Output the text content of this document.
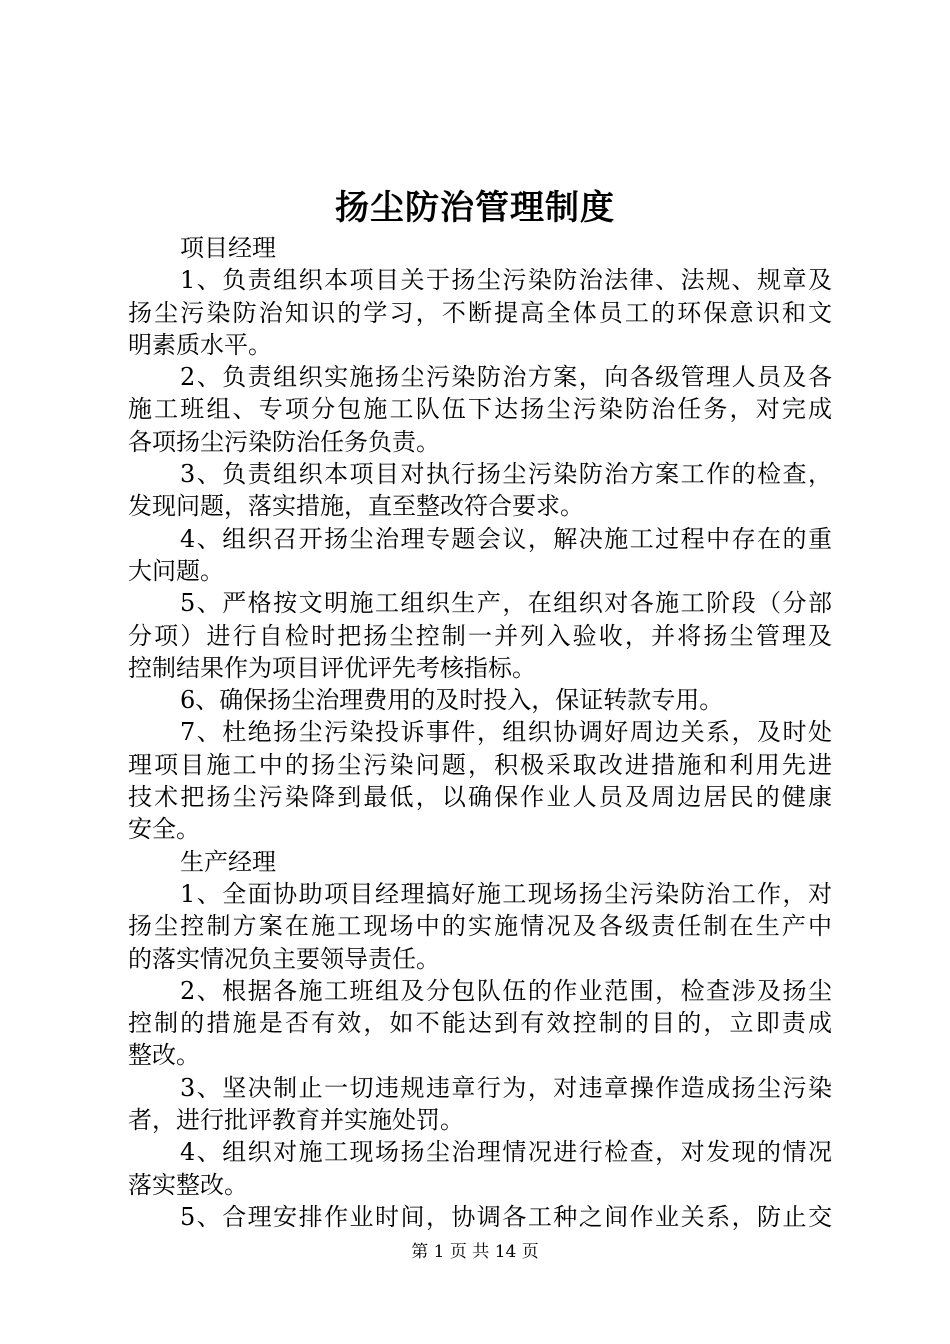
扬尘防治管理制度
项目经理
1、负责组织本项目关于扬尘污染防治法律、法规、规章及
扬尘污染防治知识的学习，不断提高全体员工的环保意识和文
明素质水平。
2、负责组织实施扬尘污染防治方案，向各级管理人员及各
施工班组、专项分包施工队伍下达扬尘污染防治任务，对完成
各项扬尘污染防治任务负责。
3、负责组织本项目对执行扬尘污染防治方案工作的检查，
发现问题，落实措施，直至整改符合要求。
4、组织召开扬尘治理专题会议，解决施工过程中存在的重
大问题。
5、严格按文明施工组织生产，在组织对各施工阶段（分部
分项）进行自检时把扬尘控制一并列入验收，并将扬尘管理及
控制结果作为项目评优评先考核指标。
6、确保扬尘治理费用的及时投入，保证转款专用。
7、杜绝扬尘污染投诉事件，组织协调好周边关系，及时处
理项目施工中的扬尘污染问题，积极采取改进措施和利用先进
技术把扬尘污染降到最低，以确保作业人员及周边居民的健康
安全。
生产经理
1、全面协助项目经理搞好施工现场扬尘污染防治工作，对
扬尘控制方案在施工现场中的实施情况及各级责任制在生产中
的落实情况负主要领导责任。
2、根据各施工班组及分包队伍的作业范围，检查涉及扬尘
控制的措施是否有效，如不能达到有效控制的目的，立即责成
整改。
3、坚决制止一切违规违章行为，对违章操作造成扬尘污染
者，进行批评教育并实施处罚。
4、组织对施工现场扬尘治理情况进行检查，对发现的情况
落实整改。
5、合理安排作业时间，协调各工种之间作业关系，防止交
第 1 页 共 14 页
